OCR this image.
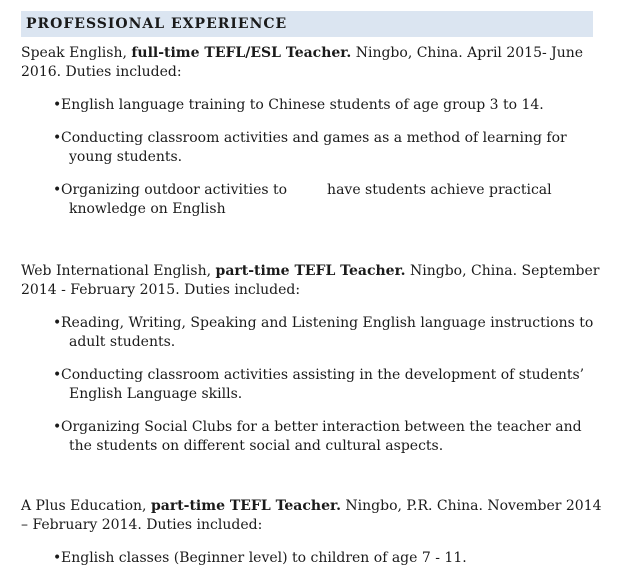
PROFESSIONAL EXPERIENCE

Speak English, full-time TEFL/ESL Teacher. Ningbo, China. April 2015- June 2016. Duties included:

•English language training to Chinese students of age group 3 to 14.
•Conducting classroom activities and games as a method of learning for young students.
•Organizing outdoor activities to	have students achieve practical knowledge on English

Web International English, part-time TEFL Teacher. Ningbo, China. September 2014 - February 2015. Duties included:

•Reading, Writing, Speaking and Listening English language instructions to adult students.
•Conducting classroom activities assisting in the development of students’ English Language skills.
•Organizing Social Clubs for a better interaction between the teacher and the students on different social and cultural aspects.

A Plus Education, part-time TEFL Teacher. Ningbo, P.R. China. November 2014 – February 2014. Duties included:

•English classes (Beginner level) to children of age 7 - 11.
